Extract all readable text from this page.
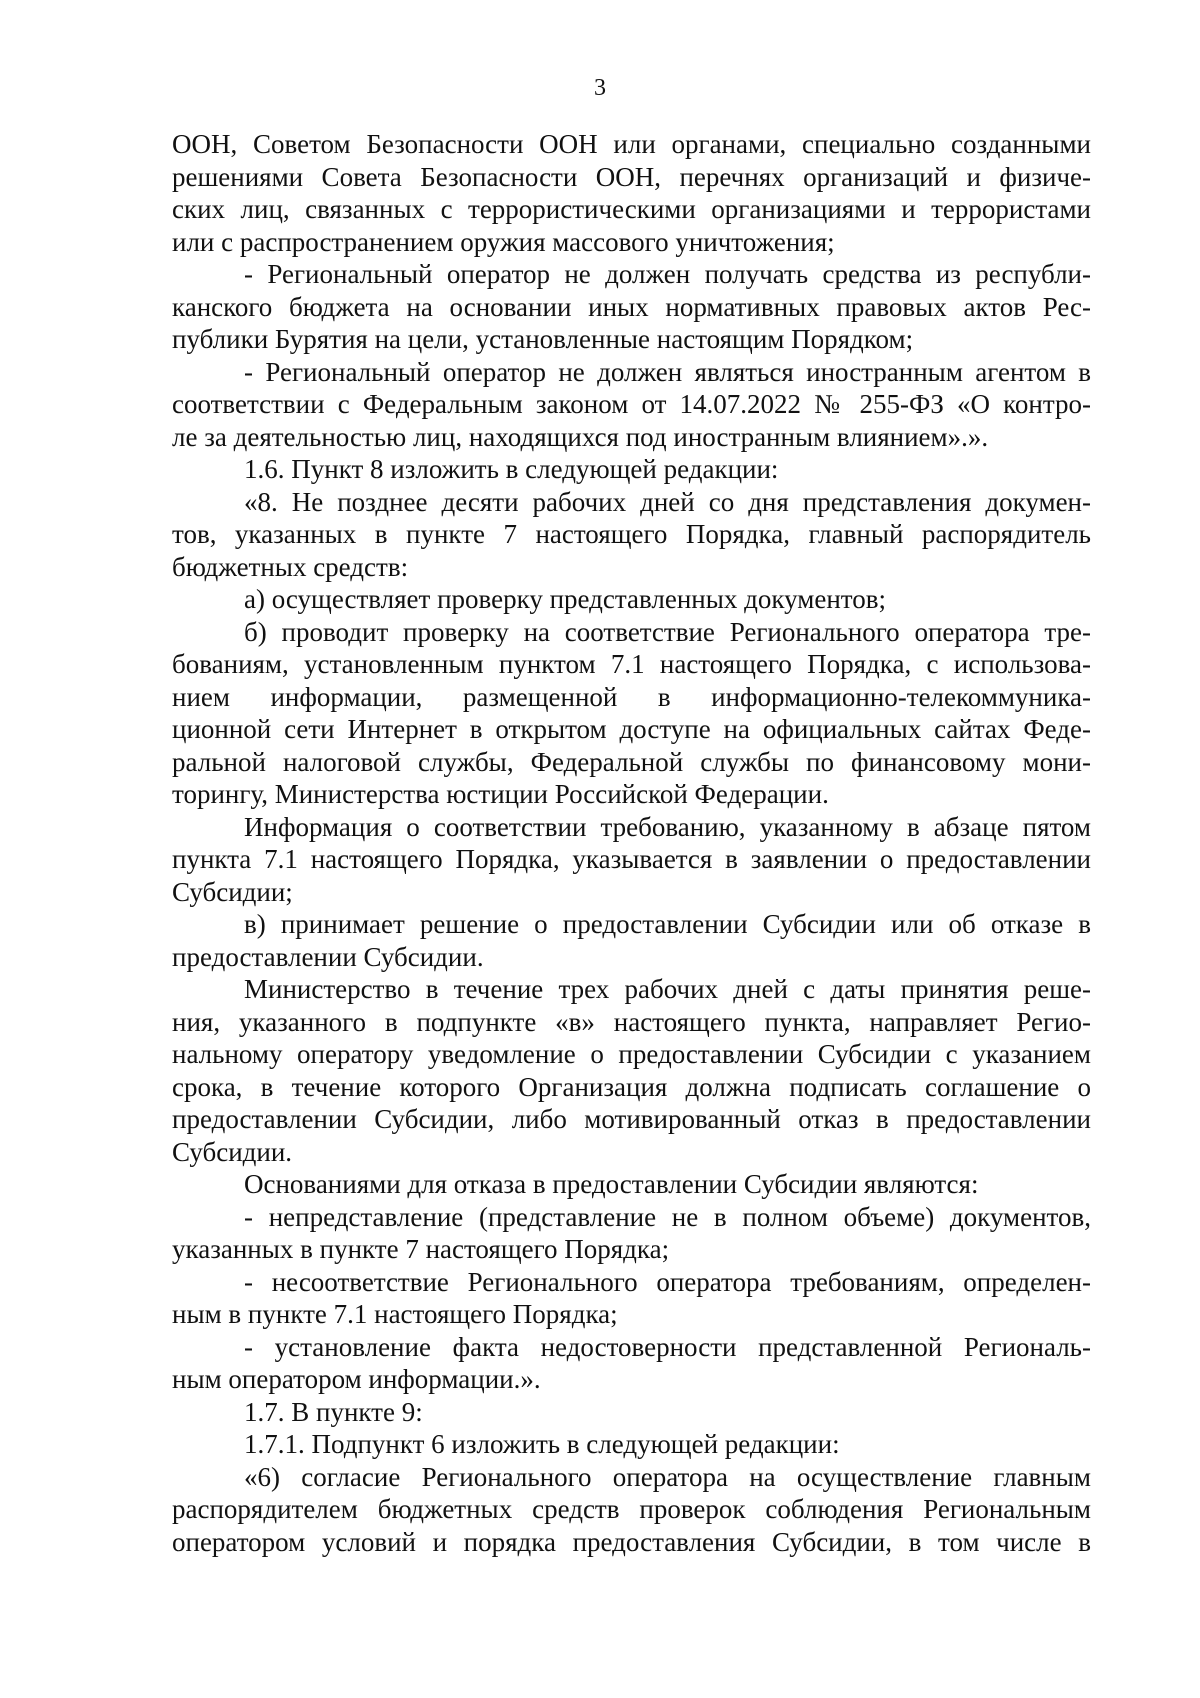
3
ООН, Советом Безопасности ООН или органами, специально созданными
решениями Совета Безопасности ООН, перечнях организаций и физиче-
ских лиц, связанных с террористическими организациями и террористами
или с распространением оружия массового уничтожения;
- Региональный оператор не должен получать средства из республи-
канского бюджета на основании иных нормативных правовых актов Рес-
публики Бурятия на цели, установленные настоящим Порядком;
- Региональный оператор не должен являться иностранным агентом в
соответствии с Федеральным законом от 14.07.2022 № 255-ФЗ «О контро-
ле за деятельностью лиц, находящихся под иностранным влиянием».».
1.6. Пункт 8 изложить в следующей редакции:
«8. Не позднее десяти рабочих дней со дня представления докумен-
тов, указанных в пункте 7 настоящего Порядка, главный распорядитель
бюджетных средств:
а) осуществляет проверку представленных документов;
б) проводит проверку на соответствие Регионального оператора тре-
бованиям, установленным пунктом 7.1 настоящего Порядка, с использова-
нием информации, размещенной в информационно-телекоммуника-
ционной сети Интернет в открытом доступе на официальных сайтах Феде-
ральной налоговой службы, Федеральной службы по финансовому мони-
торингу, Министерства юстиции Российской Федерации.
Информация о соответствии требованию, указанному в абзаце пятом
пункта 7.1 настоящего Порядка, указывается в заявлении о предоставлении
Субсидии;
в) принимает решение о предоставлении Субсидии или об отказе в
предоставлении Субсидии.
Министерство в течение трех рабочих дней с даты принятия реше-
ния, указанного в подпункте «в» настоящего пункта, направляет Регио-
нальному оператору уведомление о предоставлении Субсидии с указанием
срока, в течение которого Организация должна подписать соглашение о
предоставлении Субсидии, либо мотивированный отказ в предоставлении
Субсидии.
Основаниями для отказа в предоставлении Субсидии являются:
- непредставление (представление не в полном объеме) документов,
указанных в пункте 7 настоящего Порядка;
- несоответствие Регионального оператора требованиям, определен-
ным в пункте 7.1 настоящего Порядка;
- установление факта недостоверности представленной Региональ-
ным оператором информации.».
1.7. В пункте 9:
1.7.1. Подпункт 6 изложить в следующей редакции:
«6) согласие Регионального оператора на осуществление главным
распорядителем бюджетных средств проверок соблюдения Региональным
оператором условий и порядка предоставления Субсидии, в том числе в
